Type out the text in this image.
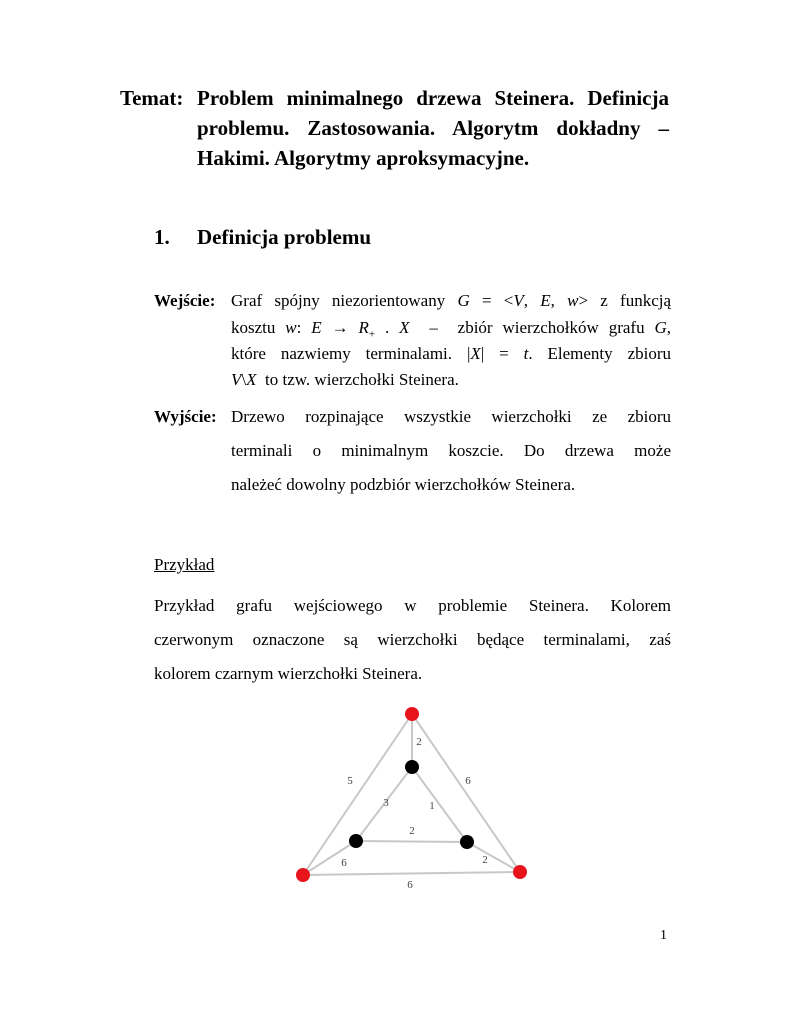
Temat: Problem minimalnego drzewa Steinera. Definicja
problemu. Zastosowania. Algorytm dokładny –
Hakimi. Algorytmy aproksymacyjne.
1. Definicja problemu
Wejście: Graf spójny niezorientowany G = <V, E, w> z funkcją
kosztu w: $E \to R_+$ . X  –  zbiór wierzchołków grafu G,
które nazwiemy terminalami. |X| = t. Elementy zbioru
V\X  to tzw. wierzchołki Steinera.
Wyjście: Drzewo rozpinające wszystkie wierzchołki ze zbioru
terminali o minimalnym koszcie. Do drzewa może
należeć dowolny podzbiór wierzchołków Steinera.
Przykład
Przykład grafu wejściowego w problemie Steinera. Kolorem
czerwonym oznaczone są wierzchołki będące terminalami, zaś
kolorem czarnym wierzchołki Steinera.
2
5	6
3	1
2
6	2
6
1
